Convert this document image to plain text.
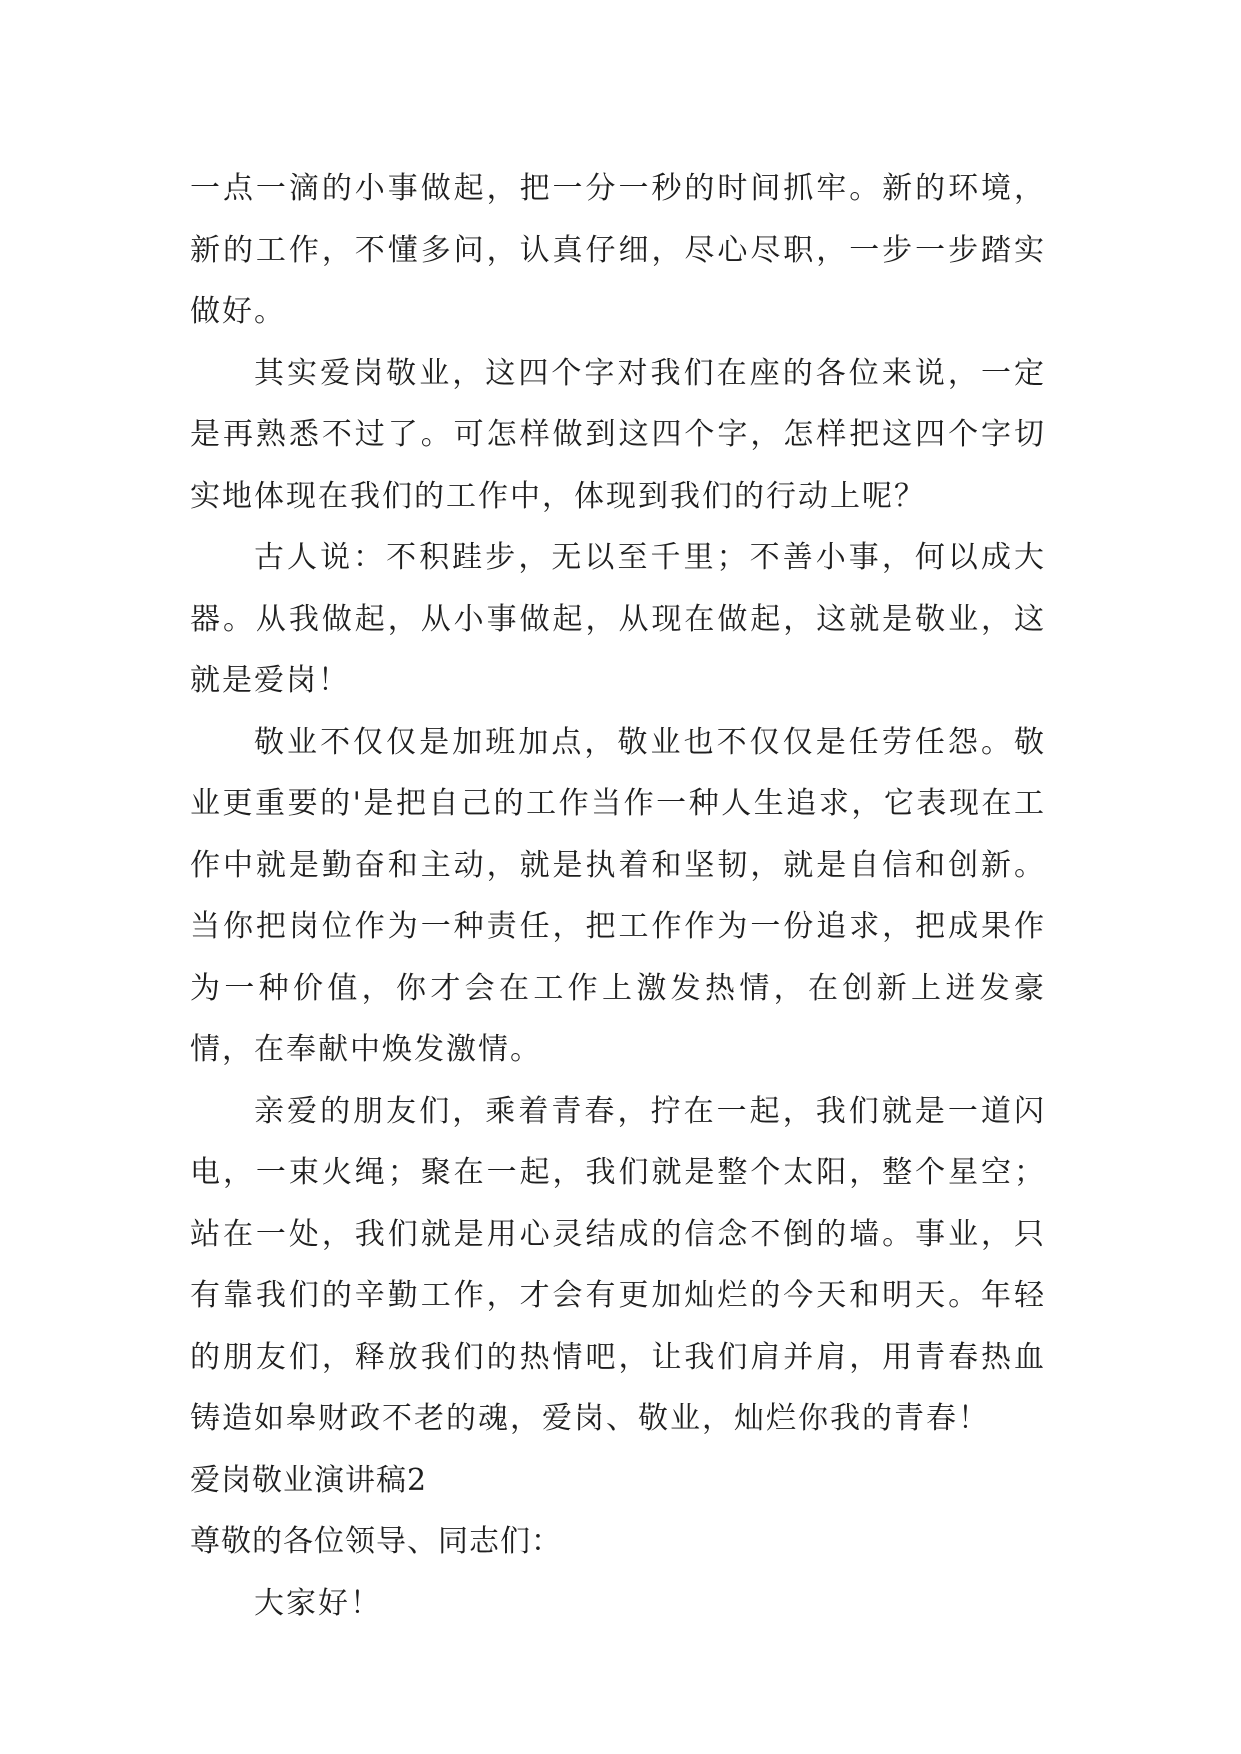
一点一滴的小事做起，把一分一秒的时间抓牢。新的环境，新的工作，不懂多问，认真仔细，尽心尽职，一步一步踏实做好。

其实爱岗敬业，这四个字对我们在座的各位来说，一定是再熟悉不过了。可怎样做到这四个字，怎样把这四个字切实地体现在我们的工作中，体现到我们的行动上呢？

古人说：不积跬步，无以至千里；不善小事，何以成大器。从我做起，从小事做起，从现在做起，这就是敬业，这就是爱岗！

敬业不仅仅是加班加点，敬业也不仅仅是任劳任怨。敬业更重要的'是把自己的工作当作一种人生追求，它表现在工作中就是勤奋和主动，就是执着和坚韧，就是自信和创新。当你把岗位作为一种责任，把工作作为一份追求，把成果作为一种价值，你才会在工作上激发热情，在创新上迸发豪情，在奉献中焕发激情。

亲爱的朋友们，乘着青春，拧在一起，我们就是一道闪电，一束火绳；聚在一起，我们就是整个太阳，整个星空；站在一处，我们就是用心灵结成的信念不倒的墙。事业，只有靠我们的辛勤工作，才会有更加灿烂的今天和明天。年轻的朋友们，释放我们的热情吧，让我们肩并肩，用青春热血铸造如皋财政不老的魂，爱岗、敬业，灿烂你我的青春！

爱岗敬业演讲稿2

尊敬的各位领导、同志们：

大家好！
